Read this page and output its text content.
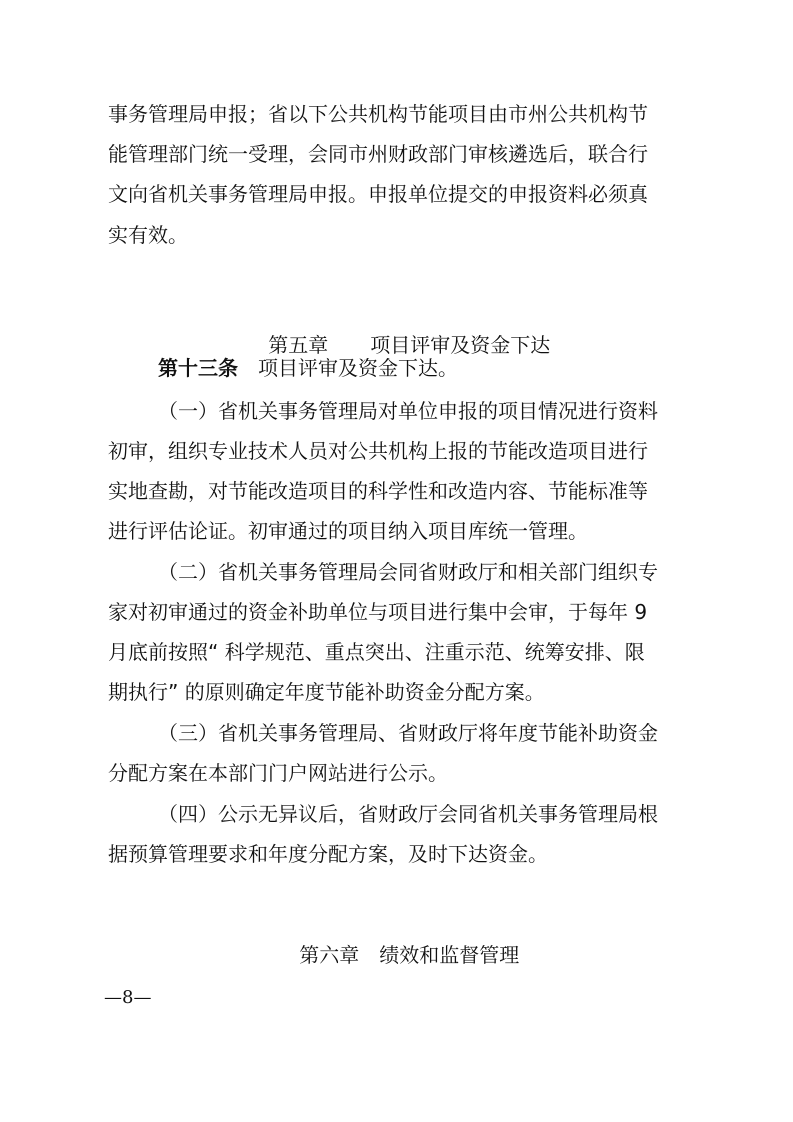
事务管理局申报；省以下公共机构节能项目由市州公共机构节
能管理部门统一受理，会同市州财政部门审核遴选后，联合行
文向省机关事务管理局申报。申报单位提交的申报资料必须真
实有效。

第五章 项目评审及资金下达

第十三条 项目评审及资金下达。
（一）省机关事务管理局对单位申报的项目情况进行资料
初审，组织专业技术人员对公共机构上报的节能改造项目进行
实地查勘，对节能改造项目的科学性和改造内容、节能标准等
进行评估论证。初审通过的项目纳入项目库统一管理。
（二）省机关事务管理局会同省财政厅和相关部门组织专
家对初审通过的资金补助单位与项目进行集中会审，于每年 9
月底前按照“ 科学规范、重点突出、注重示范、统筹安排、限
期执行” 的原则确定年度节能补助资金分配方案。
（三）省机关事务管理局、省财政厅将年度节能补助资金
分配方案在本部门门户网站进行公示。
（四）公示无异议后，省财政厅会同省机关事务管理局根
据预算管理要求和年度分配方案，及时下达资金。

第六章 绩效和监督管理

—8—
